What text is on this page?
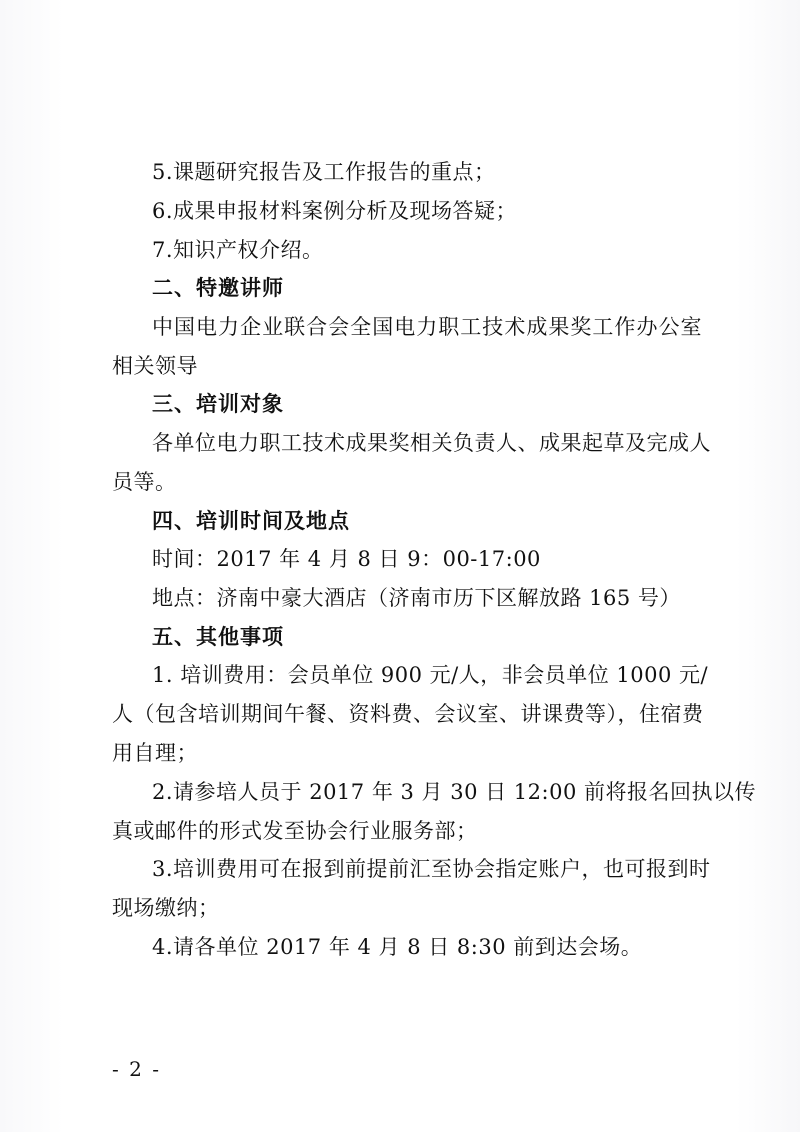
5.课题研究报告及工作报告的重点；
6.成果申报材料案例分析及现场答疑；
7.知识产权介绍。
二、特邀讲师
中国电力企业联合会全国电力职工技术成果奖工作办公室
相关领导
三、培训对象
各单位电力职工技术成果奖相关负责人、成果起草及完成人
员等。
四、培训时间及地点
时间：2017 年 4 月 8 日 9：00-17:00
地点：济南中豪大酒店（济南市历下区解放路 165 号）
五、其他事项
1. 培训费用：会员单位 900 元/人，非会员单位 1000 元/
人（包含培训期间午餐、资料费、会议室、讲课费等），住宿费
用自理；
2.请参培人员于 2017 年 3 月 30 日 12:00 前将报名回执以传
真或邮件的形式发至协会行业服务部；
3.培训费用可在报到前提前汇至协会指定账户，也可报到时
现场缴纳；
4.请各单位 2017 年 4 月 8 日 8:30 前到达会场。
- 2 -
